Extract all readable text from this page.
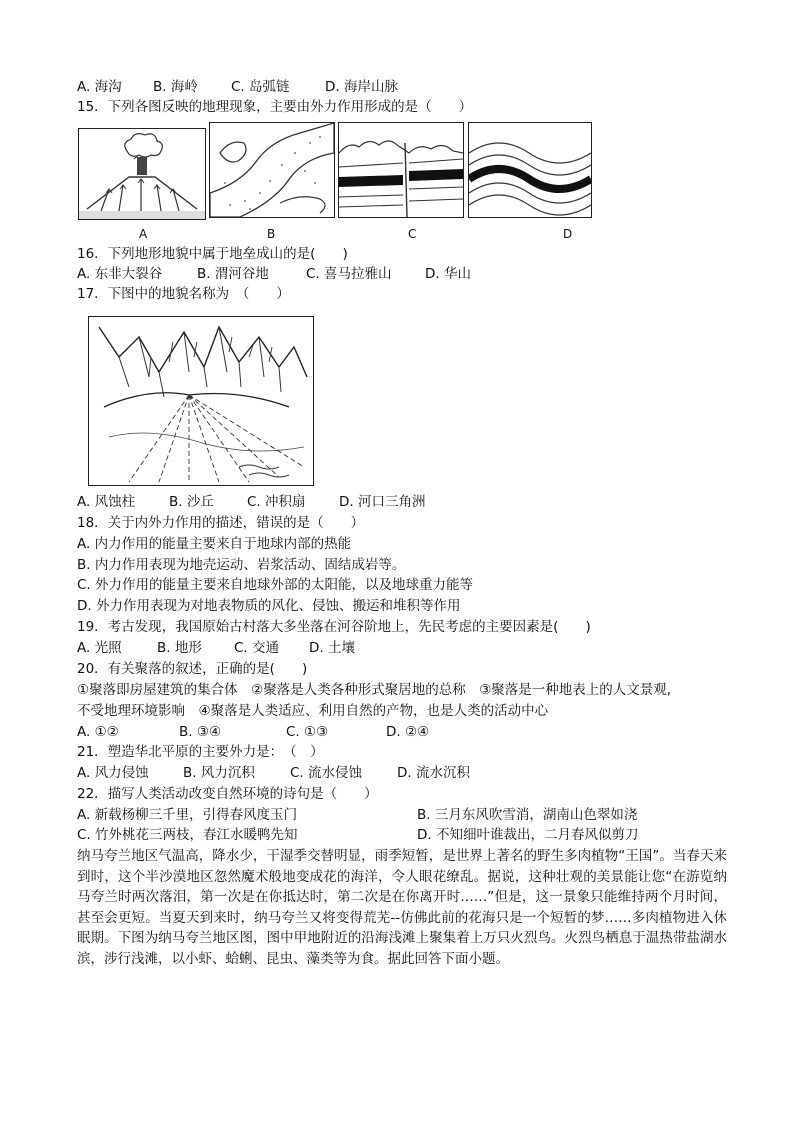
A. 海沟 B. 海岭 C. 岛弧链	D. 海岸山脉
15．下列各图反映的地理现象，主要由外力作用形成的是（　　）
A	B	C	D
16．下列地形地貌中属于地垒成山的是(　　)
A. 东非大裂谷	B. 渭河谷地	C. 喜马拉雅山 D. 华山
17．下图中的地貌名称为　（　　）
A. 风蚀柱	B. 沙丘 C. 冲积扇 D. 河口三角洲
18．关于内外力作用的描述，错误的是（　　）
A. 内力作用的能量主要来自于地球内部的热能
B. 内力作用表现为地壳运动、岩浆活动、固结成岩等。
C. 外力作用的能量主要来自地球外部的太阳能，以及地球重力能等
D. 外力作用表现为对地表物质的风化、侵蚀、搬运和堆积等作用
19．考古发现，我国原始古村落大多坐落在河谷阶地上，先民考虑的主要因素是(　　)
A. 光照	B. 地形 C. 交通 D. 土壤
20．有关聚落的叙述，正确的是(　　)
①聚落即房屋建筑的集合体　②聚落是人类各种形式聚居地的总称　③聚落是一种地表上的人文景观,
不受地理环境影响　④聚落是人类适应、利用自然的产物，也是人类的活动中心
A. ①②	B. ③④	C. ①③	D. ②④
21．塑造华北平原的主要外力是：　（　）
A. 风力侵蚀	B. 风力沉积	C. 流水侵蚀	D. 流水沉积
22．描写人类活动改变自然环境的诗句是（　　）
A. 新载杨柳三千里，引得春风度玉门	B. 三月东风吹雪消，湖南山色翠如浇
C. 竹外桃花三两枝，春江水暖鸭先知	D. 不知细叶谁裁出，二月春风似剪刀
纳马夸兰地区气温高，降水少，干湿季交替明显，雨季短暂，是世界上著名的野生多肉植物“王国”。当春天来到时，这个半沙漠地区忽然魔术般地变成花的海洋，令人眼花缭乱。据说，这种壮观的美景能让您“在游览纳马夸兰时两次落泪，第一次是在你抵达时，第二次是在你离开时……”但是，这一景象只能维持两个月时间，甚至会更短。当夏天到来时，纳马夸兰又将变得荒芜--仿佛此前的花海只是一个短暂的梦……多肉植物进入休眠期。下图为纳马夸兰地区图，图中甲地附近的沿海浅滩上聚集着上万只火烈鸟。火烈鸟栖息于温热带盐湖水滨，涉行浅滩，以小虾、蛤蜊、昆虫、藻类等为食。据此回答下面小题。
